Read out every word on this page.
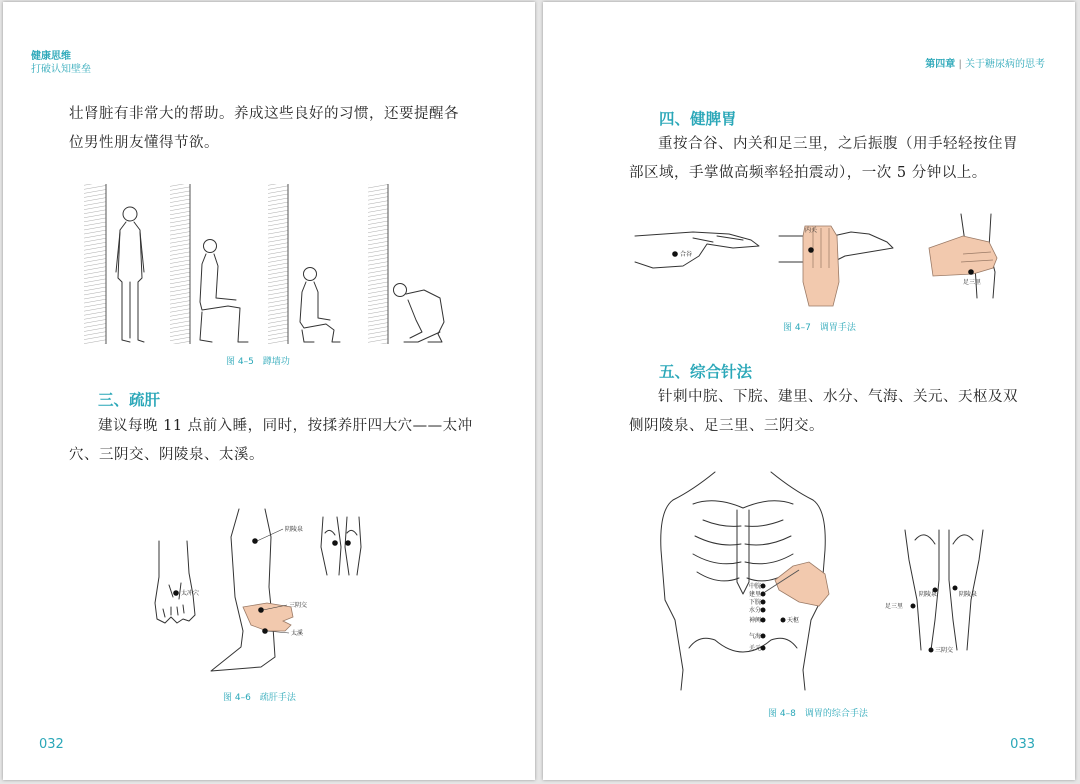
健康思维
打破认知壁垒
壮肾脏有非常大的帮助。养成这些良好的习惯，还要提醒各
位男性朋友懂得节欲。
图 4–5　蹲墙功
三、疏肝
建议每晚 11 点前入睡，同时，按揉养肝四大穴——太冲
穴、三阴交、阴陵泉、太溪。
太冲穴
阴陵泉
三阴交
太溪
图 4–6　疏肝手法
032
第四章 | 关于糖尿病的思考
四、健脾胃
重按合谷、内关和足三里，之后振腹（用手轻轻按住胃
部区域，手掌做高频率轻拍震动），一次 5 分钟以上。
合谷
内关
足三里
图 4–7　调胃手法
五、综合针法
针刺中脘、下脘、建里、水分、气海、关元、天枢及双
侧阴陵泉、足三里、三阴交。
中脘
建里
下脘
水分
神阙	天枢
气海
关元
足三里
阴陵泉	阴陵泉
三阴交
图 4–8　调胃的综合手法
033
